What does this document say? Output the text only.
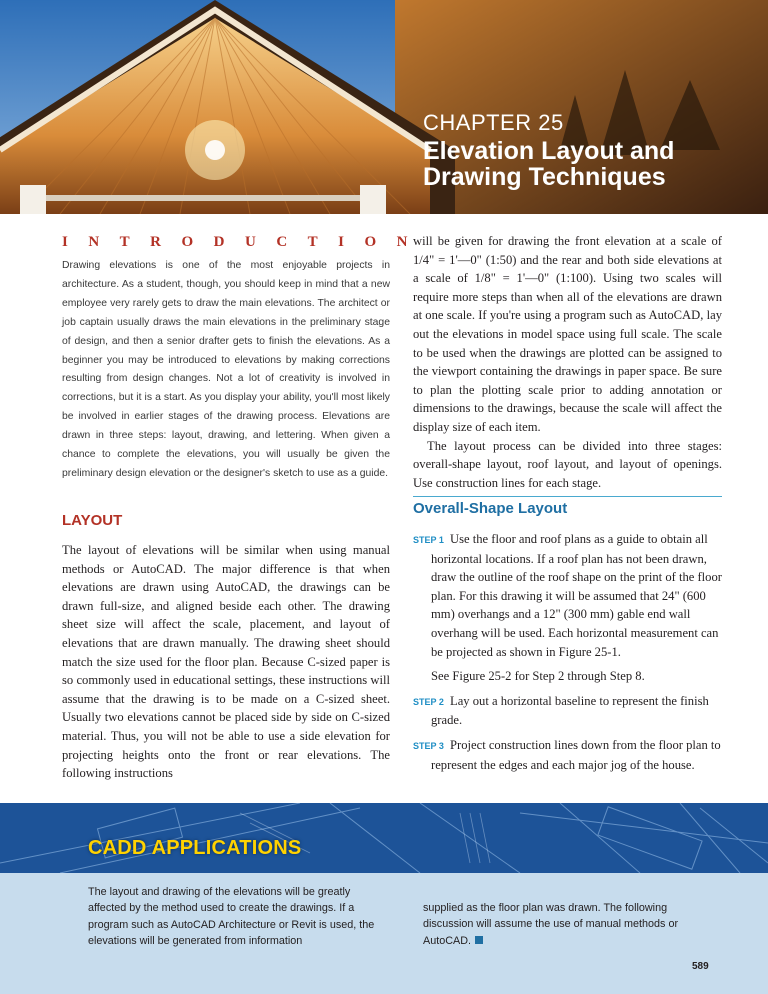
CHAPTER 25

Elevation Layout and
Drawing Techniques
INTRODUCTION

Drawing elevations is one of the most enjoyable projects in architecture. As a student, though, you should keep in mind that a new employee very rarely gets to draw the main elevations. The architect or job captain usually draws the main elevations in the preliminary stage of design, and then a senior drafter gets to finish the elevations. As a beginner you may be introduced to elevations by making corrections resulting from design changes. Not a lot of creativity is involved in corrections, but it is a start. As you display your ability, you'll most likely be involved in earlier stages of the drawing process. Elevations are drawn in three steps: layout, drawing, and lettering. When given a chance to complete the elevations, you will usually be given the preliminary design elevation or the designer's sketch to use as a guide.

LAYOUT

The layout of elevations will be similar when using manual methods or AutoCAD. The major difference is that when elevations are drawn using AutoCAD, the drawings can be drawn full-size, and aligned beside each other. The drawing sheet size will affect the scale, placement, and layout of elevations that are drawn manually. The drawing sheet should match the size used for the floor plan. Because C-sized paper is so commonly used in educational settings, these instructions will assume that the drawing is to be made on a C-sized sheet. Usually two elevations cannot be placed side by side on C-sized material. Thus, you will not be able to use a side elevation for projecting heights onto the front or rear elevations. The following instructions

will be given for drawing the front elevation at a scale of 1/4" = 1'—0" (1:50) and the rear and both side elevations at a scale of 1/8" = 1'—0" (1:100). Using two scales will require more steps than when all of the elevations are drawn at one scale. If you're using a program such as AutoCAD, lay out the elevations in model space using full scale. The scale to be used when the drawings are plotted can be assigned to the viewport containing the drawings in paper space. Be sure to plan the plotting scale prior to adding annotation or dimensions to the drawings, because the scale will affect the display size of each item.

The layout process can be divided into three stages: overall-shape layout, roof layout, and layout of openings. Use construction lines for each stage.

Overall-Shape Layout

STEP 1 Use the floor and roof plans as a guide to obtain all horizontal locations. If a roof plan has not been drawn, draw the outline of the roof shape on the print of the floor plan. For this drawing it will be assumed that 24" (600 mm) overhangs and a 12" (300 mm) gable end wall overhang will be used. Each horizontal measurement can be projected as shown in Figure 25-1.

See Figure 25-2 for Step 2 through Step 8.

STEP 2 Lay out a horizontal baseline to represent the finish grade.

STEP 3 Project construction lines down from the floor plan to represent the edges and each major jog of the house.

CADD APPLICATIONS

The layout and drawing of the elevations will be greatly affected by the method used to create the drawings. If a program such as AutoCAD Architecture or Revit is used, the elevations will be generated from information

supplied as the floor plan was drawn. The following discussion will assume the use of manual methods or AutoCAD.

589
